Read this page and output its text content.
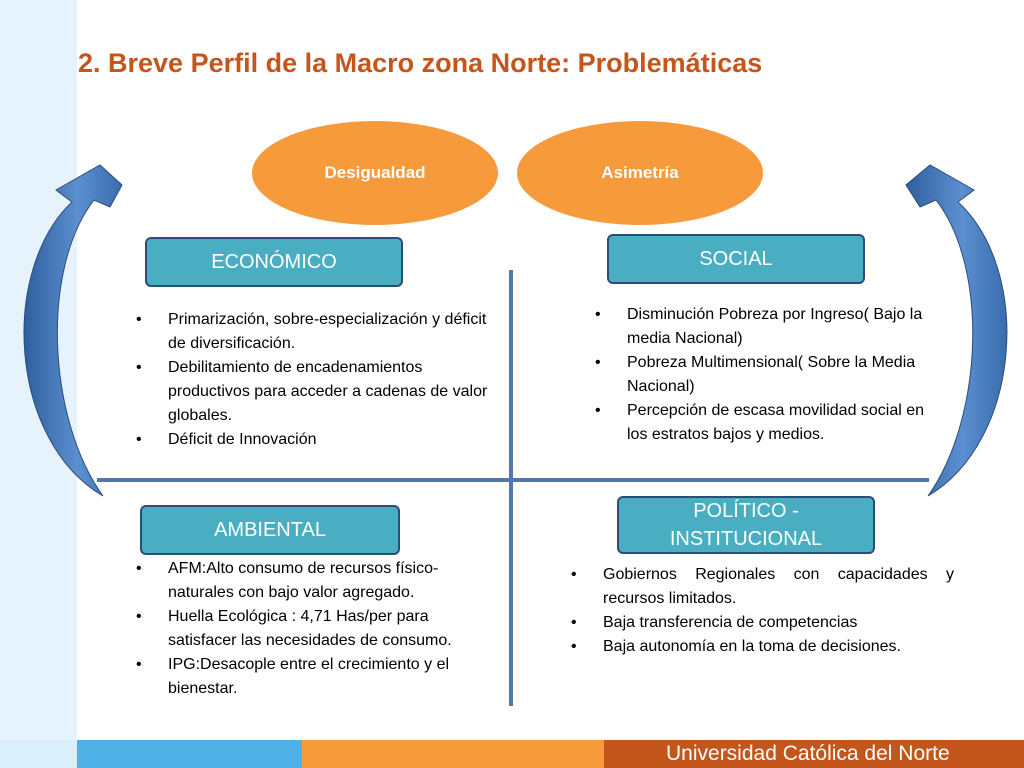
2. Breve Perfil de la Macro zona Norte: Problemáticas
Desigualdad	Asimetría
ECONÓMICO
• Primarización, sobre-especialización y déficit de diversificación.
• Debilitamiento de encadenamientos productivos para acceder a cadenas de valor globales.
• Déficit de Innovación
SOCIAL
• Disminución Pobreza por Ingreso( Bajo la media Nacional)
• Pobreza Multimensional( Sobre la Media Nacional)
• Percepción de escasa movilidad social en los estratos bajos y medios.
AMBIENTAL
• AFM:Alto consumo de recursos físico-naturales con bajo valor agregado.
• Huella Ecológica : 4,71 Has/per para satisfacer las necesidades de consumo.
• IPG:Desacople entre el crecimiento y el bienestar.
POLÍTICO -
INSTITUCIONAL
• Gobiernos Regionales con capacidades y recursos limitados.
• Baja transferencia de competencias
• Baja autonomía en la toma de decisiones.
Universidad Católica del Norte
